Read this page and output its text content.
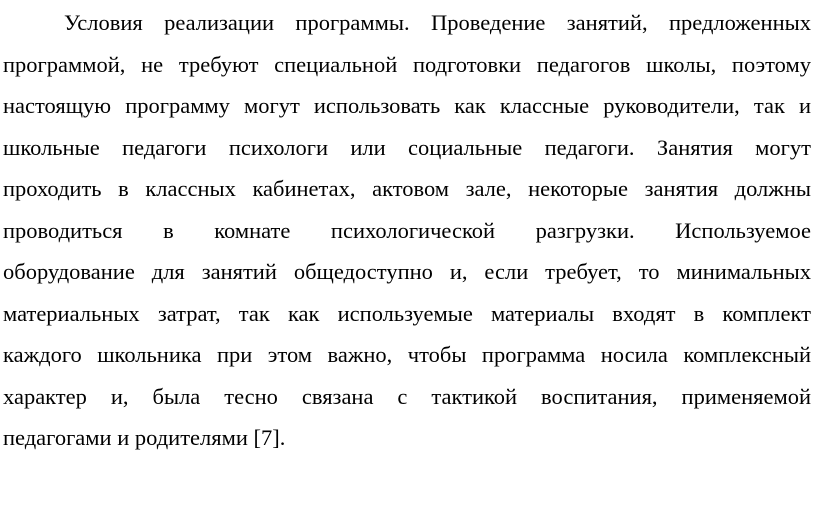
Условия реализации программы. Проведение занятий, предложенных
программой, не требуют специальной подготовки педагогов школы, поэтому
настоящую программу могут использовать как классные руководители, так и
школьные педагоги психологи или социальные педагоги. Занятия могут
проходить в классных кабинетах, актовом зале, некоторые занятия должны
проводиться в комнате психологической разгрузки. Используемое
оборудование для занятий общедоступно и, если требует, то минимальных
материальных затрат, так как используемые материалы входят в комплект
каждого школьника при этом важно, чтобы программа носила комплексный
характер и, была тесно связана с тактикой воспитания, применяемой
педагогами и родителями [7].
